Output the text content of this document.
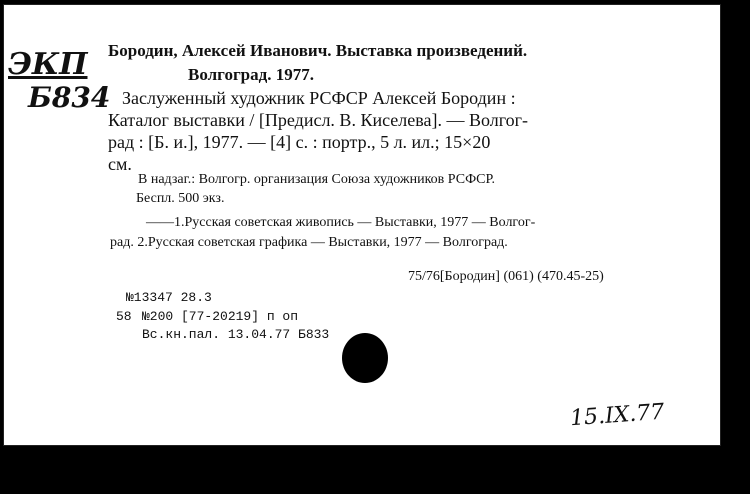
ЭКП
Б834
Бородин, Алексей Иванович. Выставка произведений.
Волгоград. 1977.
Заслуженный художник РСФСР Алексей Бородин :
Каталог выставки / [Предисл. В. Киселева]. — Волгог-
рад : [Б. и.], 1977. — [4] с. : портр., 5 л. ил.; 15×20
см.
В надзаг.: Волгогр. организация Союза художников РСФСР.
Беспл. 500 экз.
——1.Русская советская живопись — Выставки, 1977 — Волгог-
рад. 2.Русская советская графика — Выставки, 1977 — Волгоград.
75/76[Бородин] (061) (470.45-25)
№13347 28.3
58 №200 [77-20219] п оп
Вс.кн.пал. 13.04.77 Б833
15.IX.77
